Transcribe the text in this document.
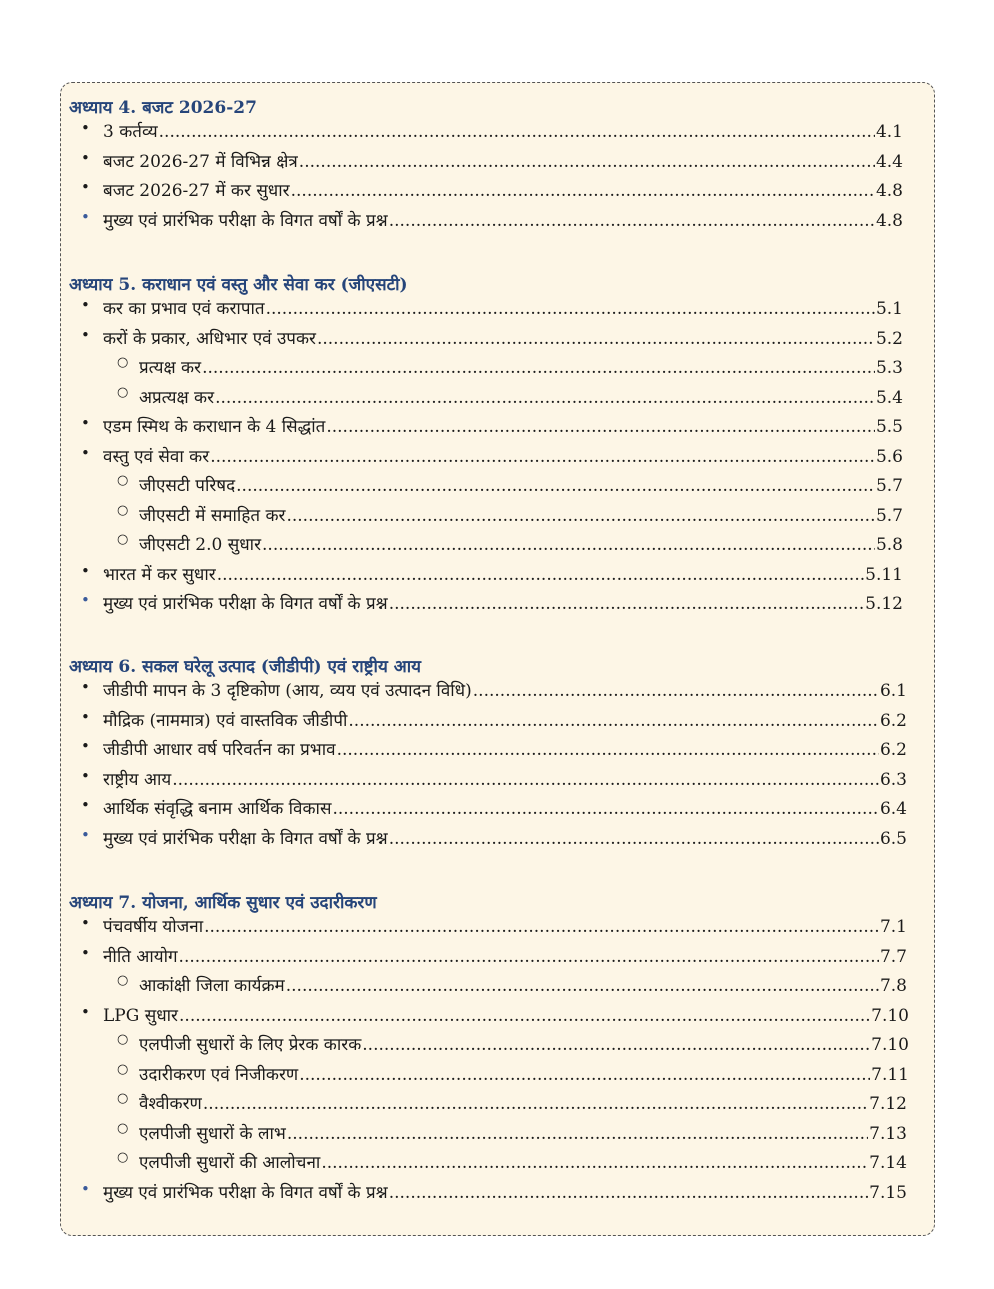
अध्याय 4. बजट 2026-27
• 3 कर्तव्य .....	4.1
• बजट 2026-27 में विभिन्न क्षेत्र .....	4.4
• बजट 2026-27 में कर सुधार .....	4.8
• मुख्य एवं प्रारंभिक परीक्षा के विगत वर्षों के प्रश्न .....	4.8
अध्याय 5. कराधान एवं वस्तु और सेवा कर (जीएसटी)
• कर का प्रभाव एवं करापात .....	5.1
• करों के प्रकार, अधिभार एवं उपकर .....	5.2
○ प्रत्यक्ष कर .....	5.3
○ अप्रत्यक्ष कर .....	5.4
• एडम स्मिथ के कराधान के 4 सिद्धांत .....	5.5
• वस्तु एवं सेवा कर .....	5.6
○ जीएसटी परिषद .....	5.7
○ जीएसटी में समाहित कर .....	5.7
○ जीएसटी 2.0 सुधार .....	5.8
• भारत में कर सुधार .....	5.11
• मुख्य एवं प्रारंभिक परीक्षा के विगत वर्षों के प्रश्न .....	5.12
अध्याय 6. सकल घरेलू उत्पाद (जीडीपी) एवं राष्ट्रीय आय
• जीडीपी मापन के 3 दृष्टिकोण (आय, व्यय एवं उत्पादन विधि) .....	6.1
• मौद्रिक (नाममात्र) एवं वास्तविक जीडीपी .....	6.2
• जीडीपी आधार वर्ष परिवर्तन का प्रभाव .....	6.2
• राष्ट्रीय आय .....	6.3
• आर्थिक संवृद्धि बनाम आर्थिक विकास .....	6.4
• मुख्य एवं प्रारंभिक परीक्षा के विगत वर्षों के प्रश्न .....	6.5
अध्याय 7. योजना, आर्थिक सुधार एवं उदारीकरण
• पंचवर्षीय योजना .....	7.1
• नीति आयोग .....	7.7
○ आकांक्षी जिला कार्यक्रम .....	7.8
• LPG सुधार .....	7.10
○ एलपीजी सुधारों के लिए प्रेरक कारक .....	7.10
○ उदारीकरण एवं निजीकरण .....	7.11
○ वैश्वीकरण .....	7.12
○ एलपीजी सुधारों के लाभ .....	7.13
○ एलपीजी सुधारों की आलोचना .....	7.14
• मुख्य एवं प्रारंभिक परीक्षा के विगत वर्षों के प्रश्न .....	7.15
